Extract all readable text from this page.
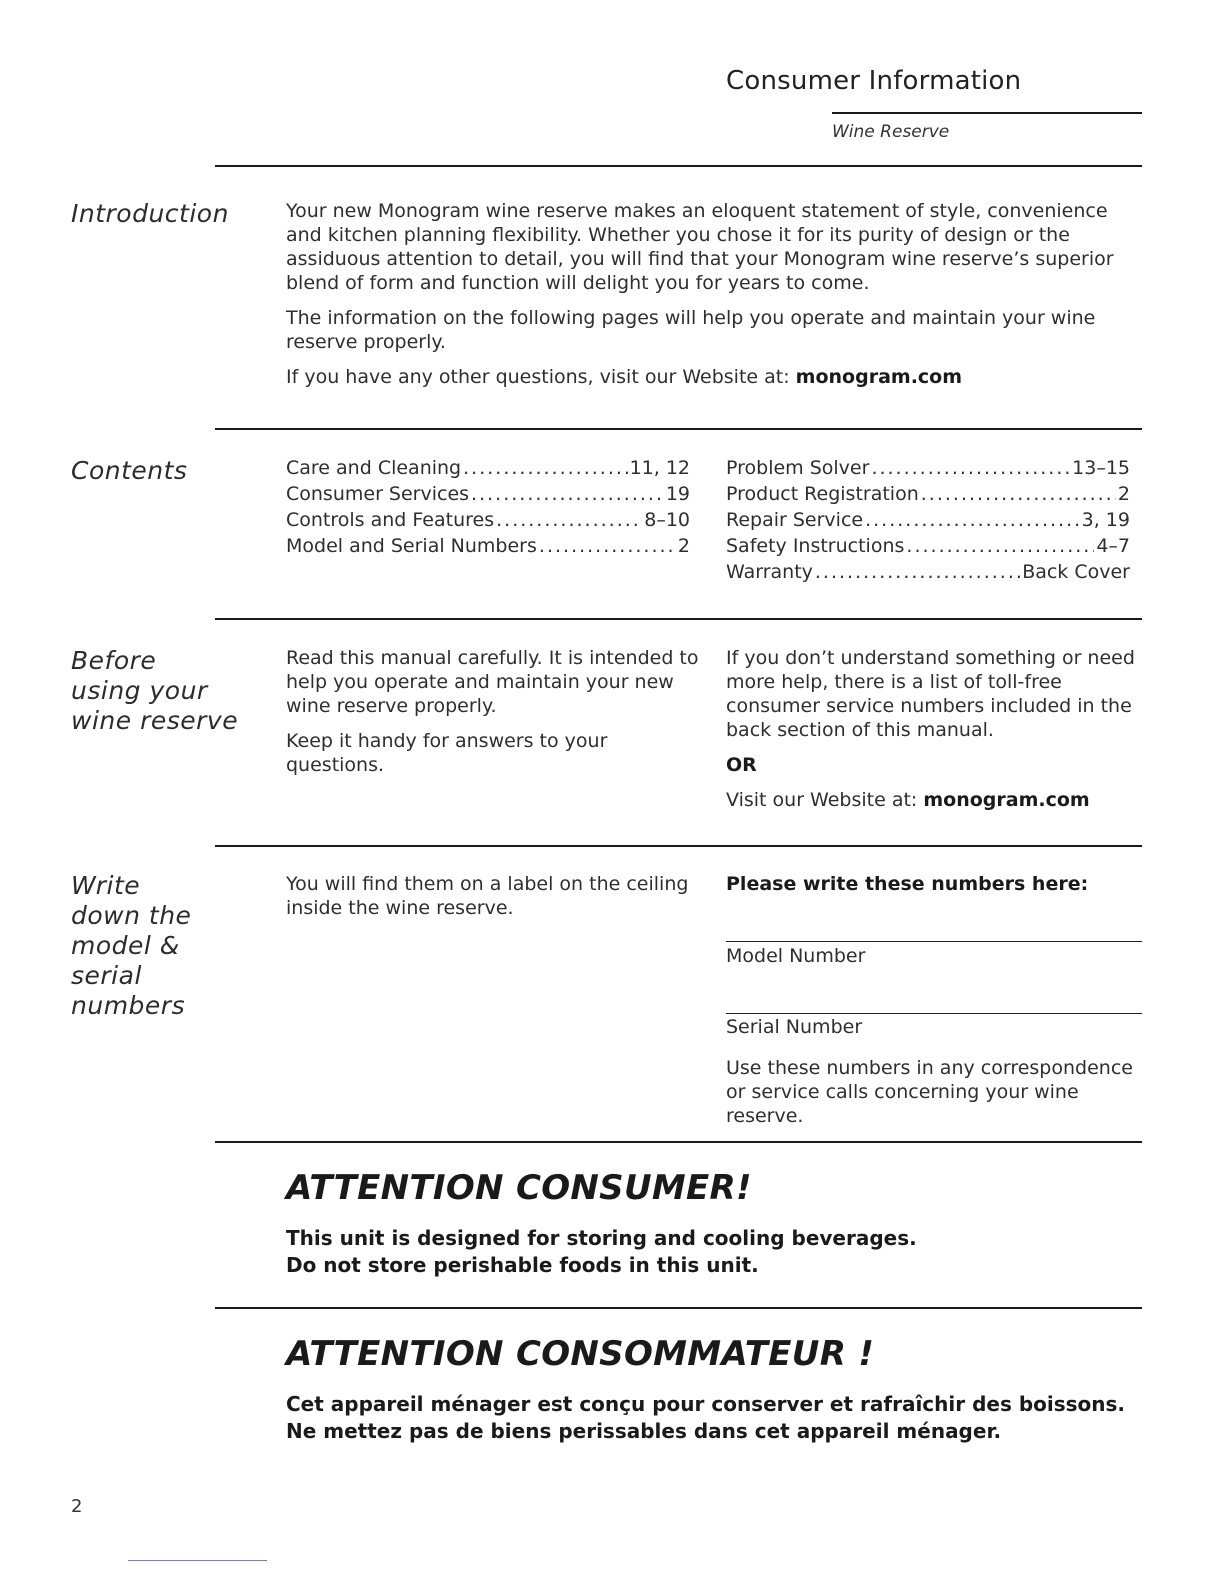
Consumer Information
Wine Reserve
Introduction	Your new Monogram wine reserve makes an eloquent statement of style, convenience and kitchen planning flexibility. Whether you chose it for its purity of design or the assiduous attention to detail, you will find that your Monogram wine reserve’s superior blend of form and function will delight you for years to come.

The information on the following pages will help you operate and maintain your wine reserve properly.

If you have any other questions, visit our Website at: monogram.com

Contents	Care and Cleaning .....	11, 12
Consumer Services .....	19
Controls and Features .....	8–10
Model and Serial Numbers .....	2
Problem Solver .....	13–15
Product Registration .....	2
Repair Service .....	3, 19
Safety Instructions .....	4–7
Warranty .....	Back Cover
Before
using your
wine reserve

Read this manual carefully. It is intended to help you operate and maintain your new wine reserve properly.

Keep it handy for answers to your questions.

If you don’t understand something or need more help, there is a list of toll-free consumer service numbers included in the back section of this manual.

OR

Visit our Website at: monogram.com

Write
down the
model &
serial
numbers
You will find them on a label on the ceiling inside the wine reserve.
Please write these numbers here:
Model Number
Serial Number
Use these numbers in any correspondence or service calls concerning your wine reserve.
ATTENTION CONSUMER!
This unit is designed for storing and cooling beverages.
Do not store perishable foods in this unit.
ATTENTION CONSOMMATEUR !
Cet appareil ménager est conçu pour conserver et rafraîchir des boissons.
Ne mettez pas de biens perissables dans cet appareil ménager.
2
